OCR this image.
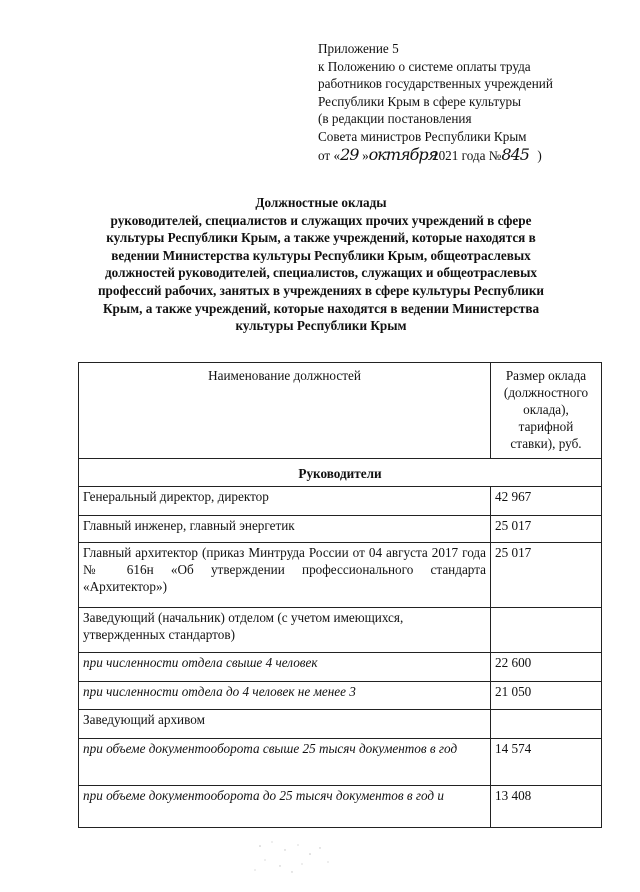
Приложение 5
к Положению о системе оплаты труда
работников государственных учреждений
Республики Крым в сфере культуры
(в редакции постановления
Совета министров Республики Крым
от «29 »октября 2021 года №845 )
Должностные оклады
руководителей, специалистов и служащих прочих учреждений в сфере
культуры Республики Крым, а также учреждений, которые находятся в
ведении Министерства культуры Республики Крым, общеотраслевых
должностей руководителей, специалистов, служащих и общеотраслевых
профессий рабочих, занятых в учреждениях в сфере культуры Республики
Крым, а также учреждений, которые находятся в ведении Министерства
культуры Республики Крым
Наименование должностей	Размер оклада
(должностного
оклада),
тарифной
ставки), руб.

Руководители	
Генеральный директор, директор	42 967
Главный инженер, главный энергетик	25 017
Главный архитектор (приказ Минтруда России от 04 августа 2017 года № 616н «Об утверждении профессионального стандарта «Архитектор»)	25 017
Заведующий (начальник) отделом (с учетом имеющихся, утвержденных стандартов)	
при численности отдела свыше 4 человек	22 600
при численности отдела до 4 человек не менее 3	21 050
Заведующий архивом	
при объеме документооборота свыше 25 тысяч документов в год	14 574
при объеме документооборота до 25 тысяч документов в год и	13 408
